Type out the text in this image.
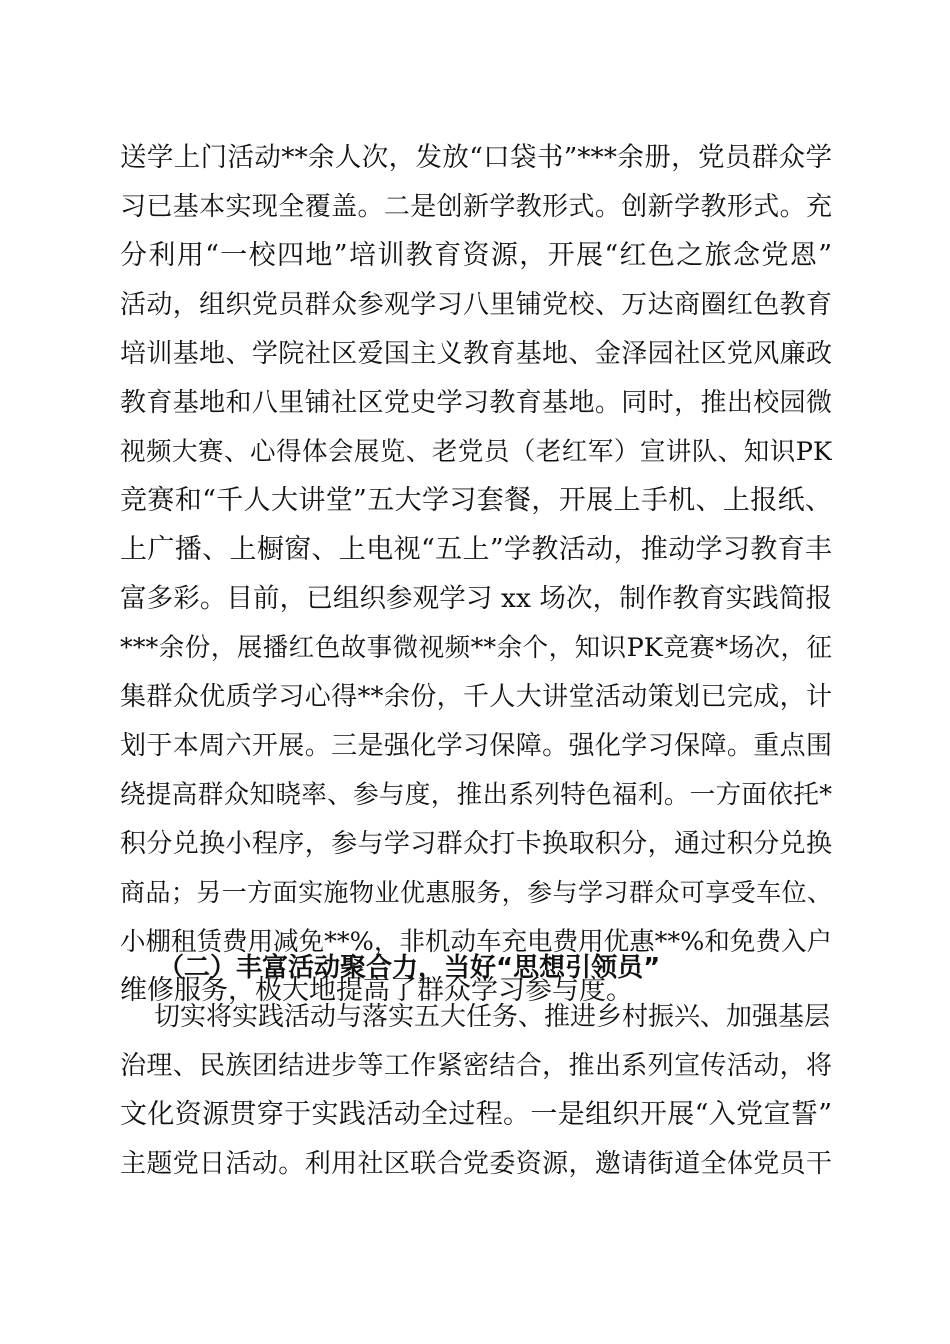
送学上门活动**余人次，发放“口袋书”***余册，党员群众学
习已基本实现全覆盖。二是创新学教形式。创新学教形式。充
分利用“一校四地”培训教育资源，开展“红色之旅念党恩”
活动，组织党员群众参观学习八里铺党校、万达商圈红色教育
培训基地、学院社区爱国主义教育基地、金泽园社区党风廉政
教育基地和八里铺社区党史学习教育基地。同时，推出校园微
视频大赛、心得体会展览、老党员（老红军）宣讲队、知识PK
竞赛和“千人大讲堂”五大学习套餐，开展上手机、上报纸、
上广播、上橱窗、上电视“五上”学教活动，推动学习教育丰
富多彩。目前，已组织参观学习 xx 场次，制作教育实践简报
***余份，展播红色故事微视频**余个，知识PK竞赛*场次，征
集群众优质学习心得**余份，千人大讲堂活动策划已完成，计
划于本周六开展。三是强化学习保障。强化学习保障。重点围
绕提高群众知晓率、参与度，推出系列特色福利。一方面依托*
积分兑换小程序，参与学习群众打卡换取积分，通过积分兑换
商品；另一方面实施物业优惠服务，参与学习群众可享受车位、
小棚租赁费用减免**%，非机动车充电费用优惠**%和免费入户
维修服务，极大地提高了群众学习参与度。
（二）丰富活动聚合力，当好“思想引领员”
切实将实践活动与落实五大任务、推进乡村振兴、加强基层
治理、民族团结进步等工作紧密结合，推出系列宣传活动，将
文化资源贯穿于实践活动全过程。一是组织开展“入党宣誓”
主题党日活动。利用社区联合党委资源，邀请街道全体党员干
